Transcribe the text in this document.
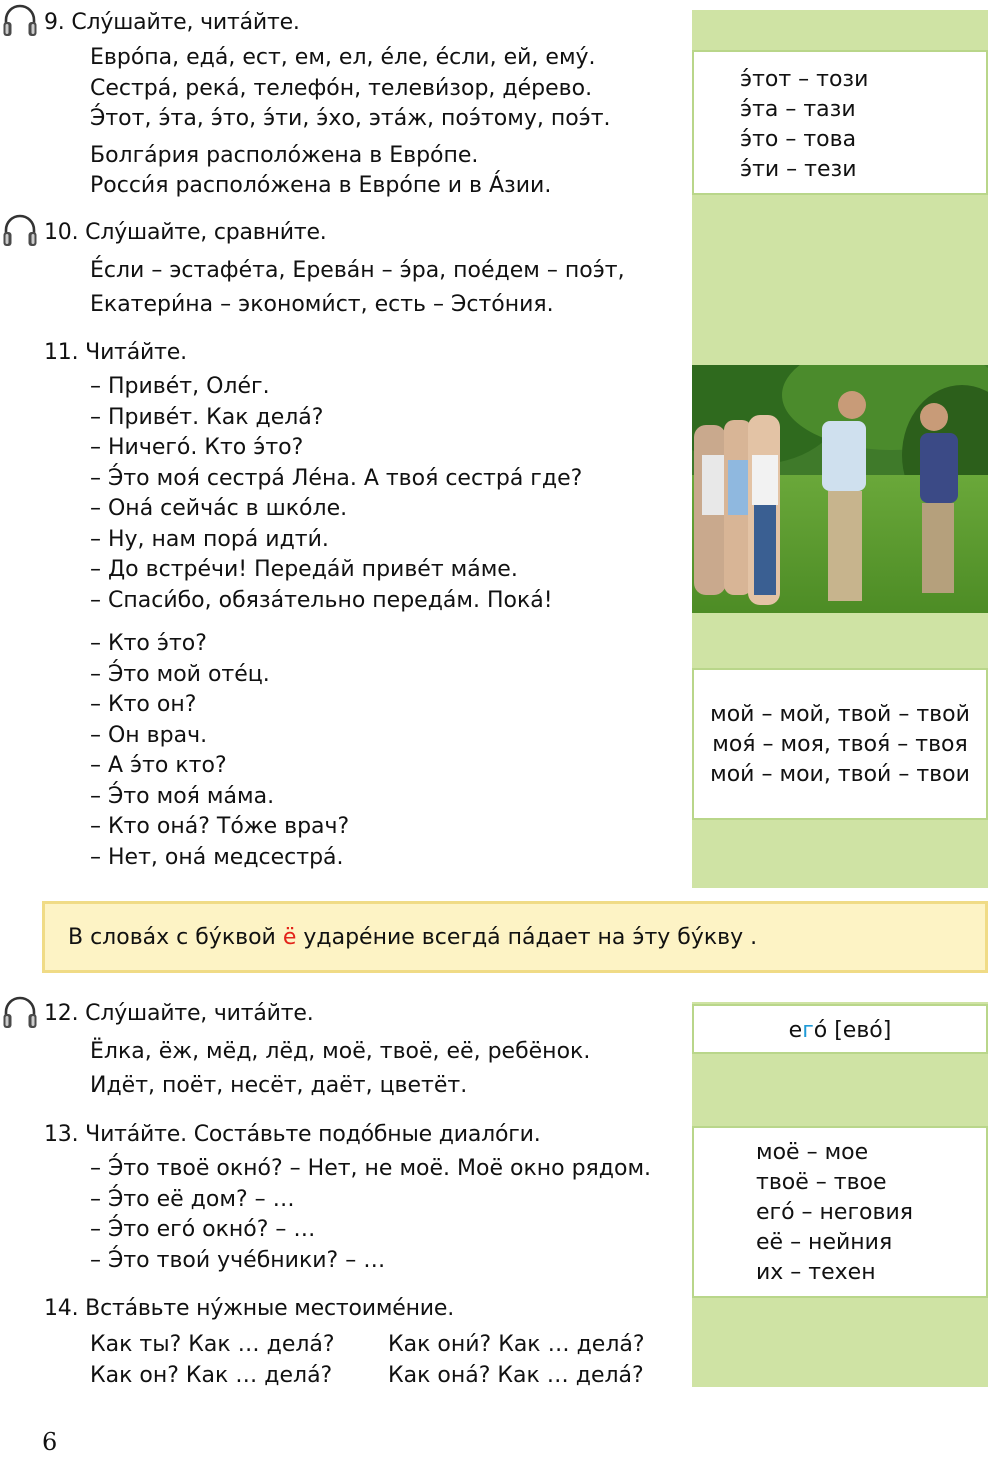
9. Слу́шайте, чита́йте.
Евро́па, еда́, ест, ем, ел, е́ле, е́сли, ей, ему́.
Сестра́, река́, телефо́н, телеви́зор, де́рево.
Э́тот, э́та, э́то, э́ти, э́хо, эта́ж, поэ́тому, поэ́т.
Болга́рия располо́жена в Евро́пе.
Росси́я располо́жена в Евро́пе и в А́зии.
10. Слу́шайте, сравни́те.
Е́сли – эстафе́та, Ерева́н – э́ра, пое́дем – поэ́т,
Екатери́на – экономи́ст, есть – Эсто́ния.
11. Чита́йте.
– Приве́т, Оле́г.
– Приве́т. Как дела́?
– Ничего́. Кто э́то?
– Э́то моя́ сестра́ Ле́на. А твоя́ сестра́ где?
– Она́ сейча́с в шко́ле.
– Ну, нам пора́ идти́.
– До встре́чи! Переда́й приве́т ма́ме.
– Спаси́бо, обяза́тельно переда́м. Пока́!
– Кто э́то?
– Э́то мой оте́ц.
– Кто он?
– Он врач.
– А э́то кто?
– Э́то моя́ ма́ма.
– Кто она́? То́же врач?
– Нет, она́ медсестра́.
э́тот – този
э́та – тази
э́то – това
э́ти – тези
мой – мой, твой – твой
моя́ – моя, твоя́ – твоя
мои́ – мои, твои́ – твои
В слова́х с бу́квой ё ударе́ние всегда́ па́дает на э́ту бу́кву .
12. Слу́шайте, чита́йте.
Ёлка, ёж, мёд, лёд, моё, твоё, её, ребёнок.
Идёт, поёт, несёт, даёт, цветёт.
13. Чита́йте. Соста́вьте подо́бные диало́ги.
– Э́то твоё окно́? – Нет, не моё. Моё окно рядом.
– Э́то её дом? – …
– Э́то его́ окно́? – …
– Э́то твои́ уче́бники? – …
14. Вста́вьте ну́жные местоиме́ние.
Как ты? Как … дела́?
Как он? Как … дела́?
Как они́? Как … дела́?
Как она́? Как … дела́?
его́ [ево́]
моё – мое
твоё – твое
его́ – неговия
её – нейния
их – техен
6
